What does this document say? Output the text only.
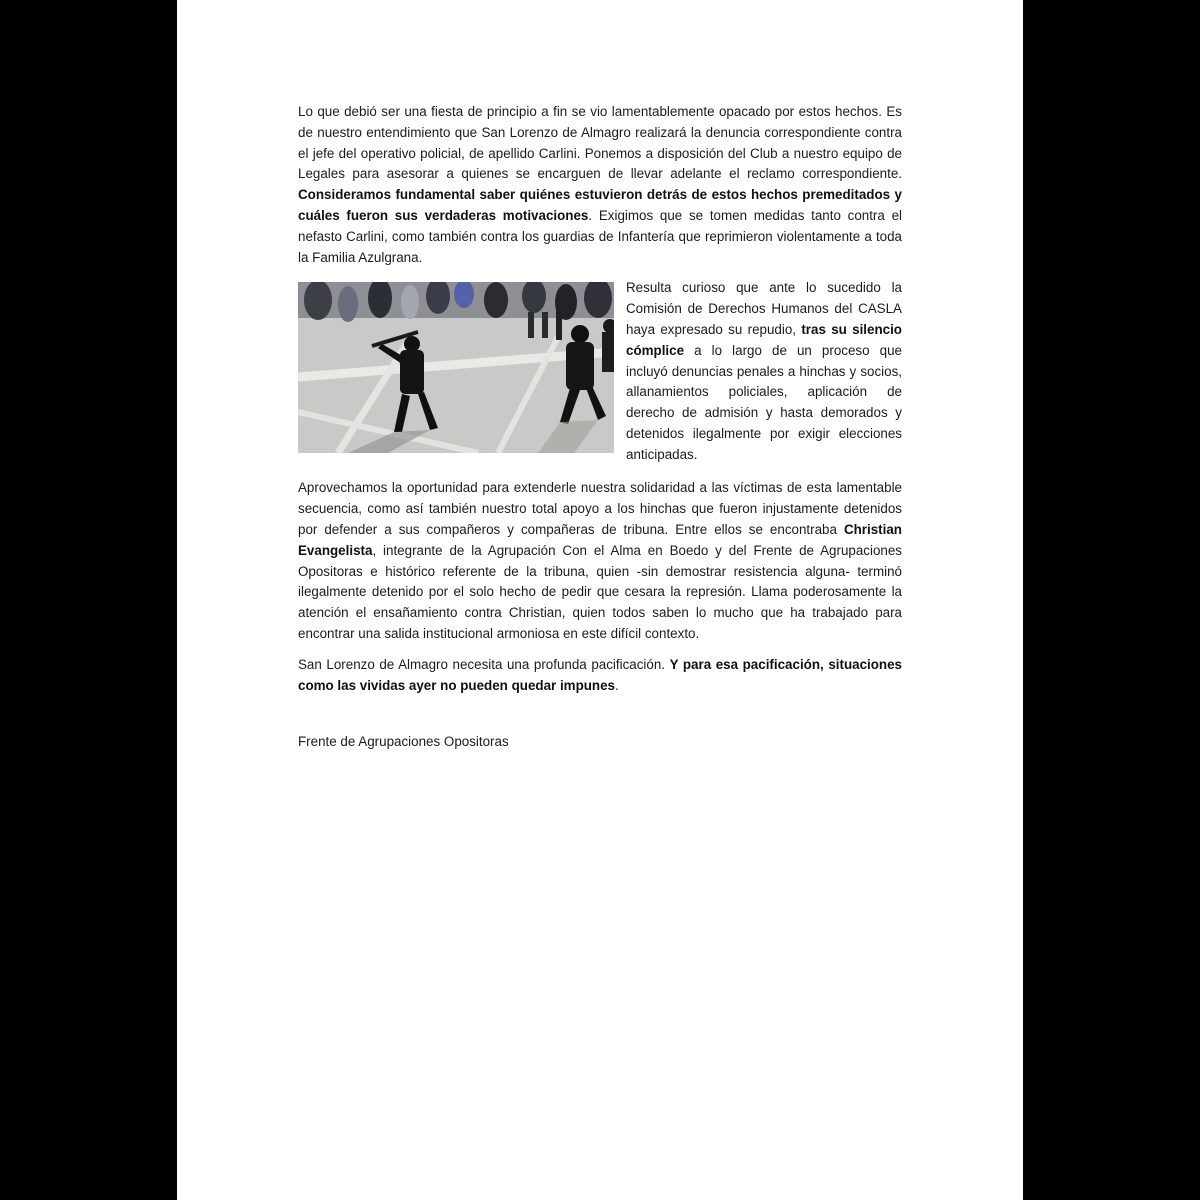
Lo que debió ser una fiesta de principio a fin se vio lamentablemente opacado por estos hechos. Es de nuestro entendimiento que San Lorenzo de Almagro realizará la denuncia correspondiente contra el jefe del operativo policial, de apellido Carlini. Ponemos a disposición del Club a nuestro equipo de Legales para asesorar a quienes se encarguen de llevar adelante el reclamo correspondiente. Consideramos fundamental saber quiénes estuvieron detrás de estos hechos premeditados y cuáles fueron sus verdaderas motivaciones. Exigimos que se tomen medidas tanto contra el nefasto Carlini, como también contra los guardias de Infantería que reprimieron violentamente a toda la Familia Azulgrana.

Resulta curioso que ante lo sucedido la Comisión de Derechos Humanos del CASLA haya expresado su repudio, tras su silencio cómplice a lo largo de un proceso que incluyó denuncias penales a hinchas y socios, allanamientos policiales, aplicación de derecho de admisión y hasta demorados y detenidos ilegalmente por exigir elecciones anticipadas.

Aprovechamos la oportunidad para extenderle nuestra solidaridad a las víctimas de esta lamentable secuencia, como así también nuestro total apoyo a los hinchas que fueron injustamente detenidos por defender a sus compañeros y compañeras de tribuna. Entre ellos se encontraba Christian Evangelista, integrante de la Agrupación Con el Alma en Boedo y del Frente de Agrupaciones Opositoras e histórico referente de la tribuna, quien -sin demostrar resistencia alguna- terminó ilegalmente detenido por el solo hecho de pedir que cesara la represión. Llama poderosamente la atención el ensañamiento contra Christian, quien todos saben lo mucho que ha trabajado para encontrar una salida institucional armoniosa en este difícil contexto.

San Lorenzo de Almagro necesita una profunda pacificación. Y para esa pacificación, situaciones como las vividas ayer no pueden quedar impunes.

Frente de Agrupaciones Opositoras
